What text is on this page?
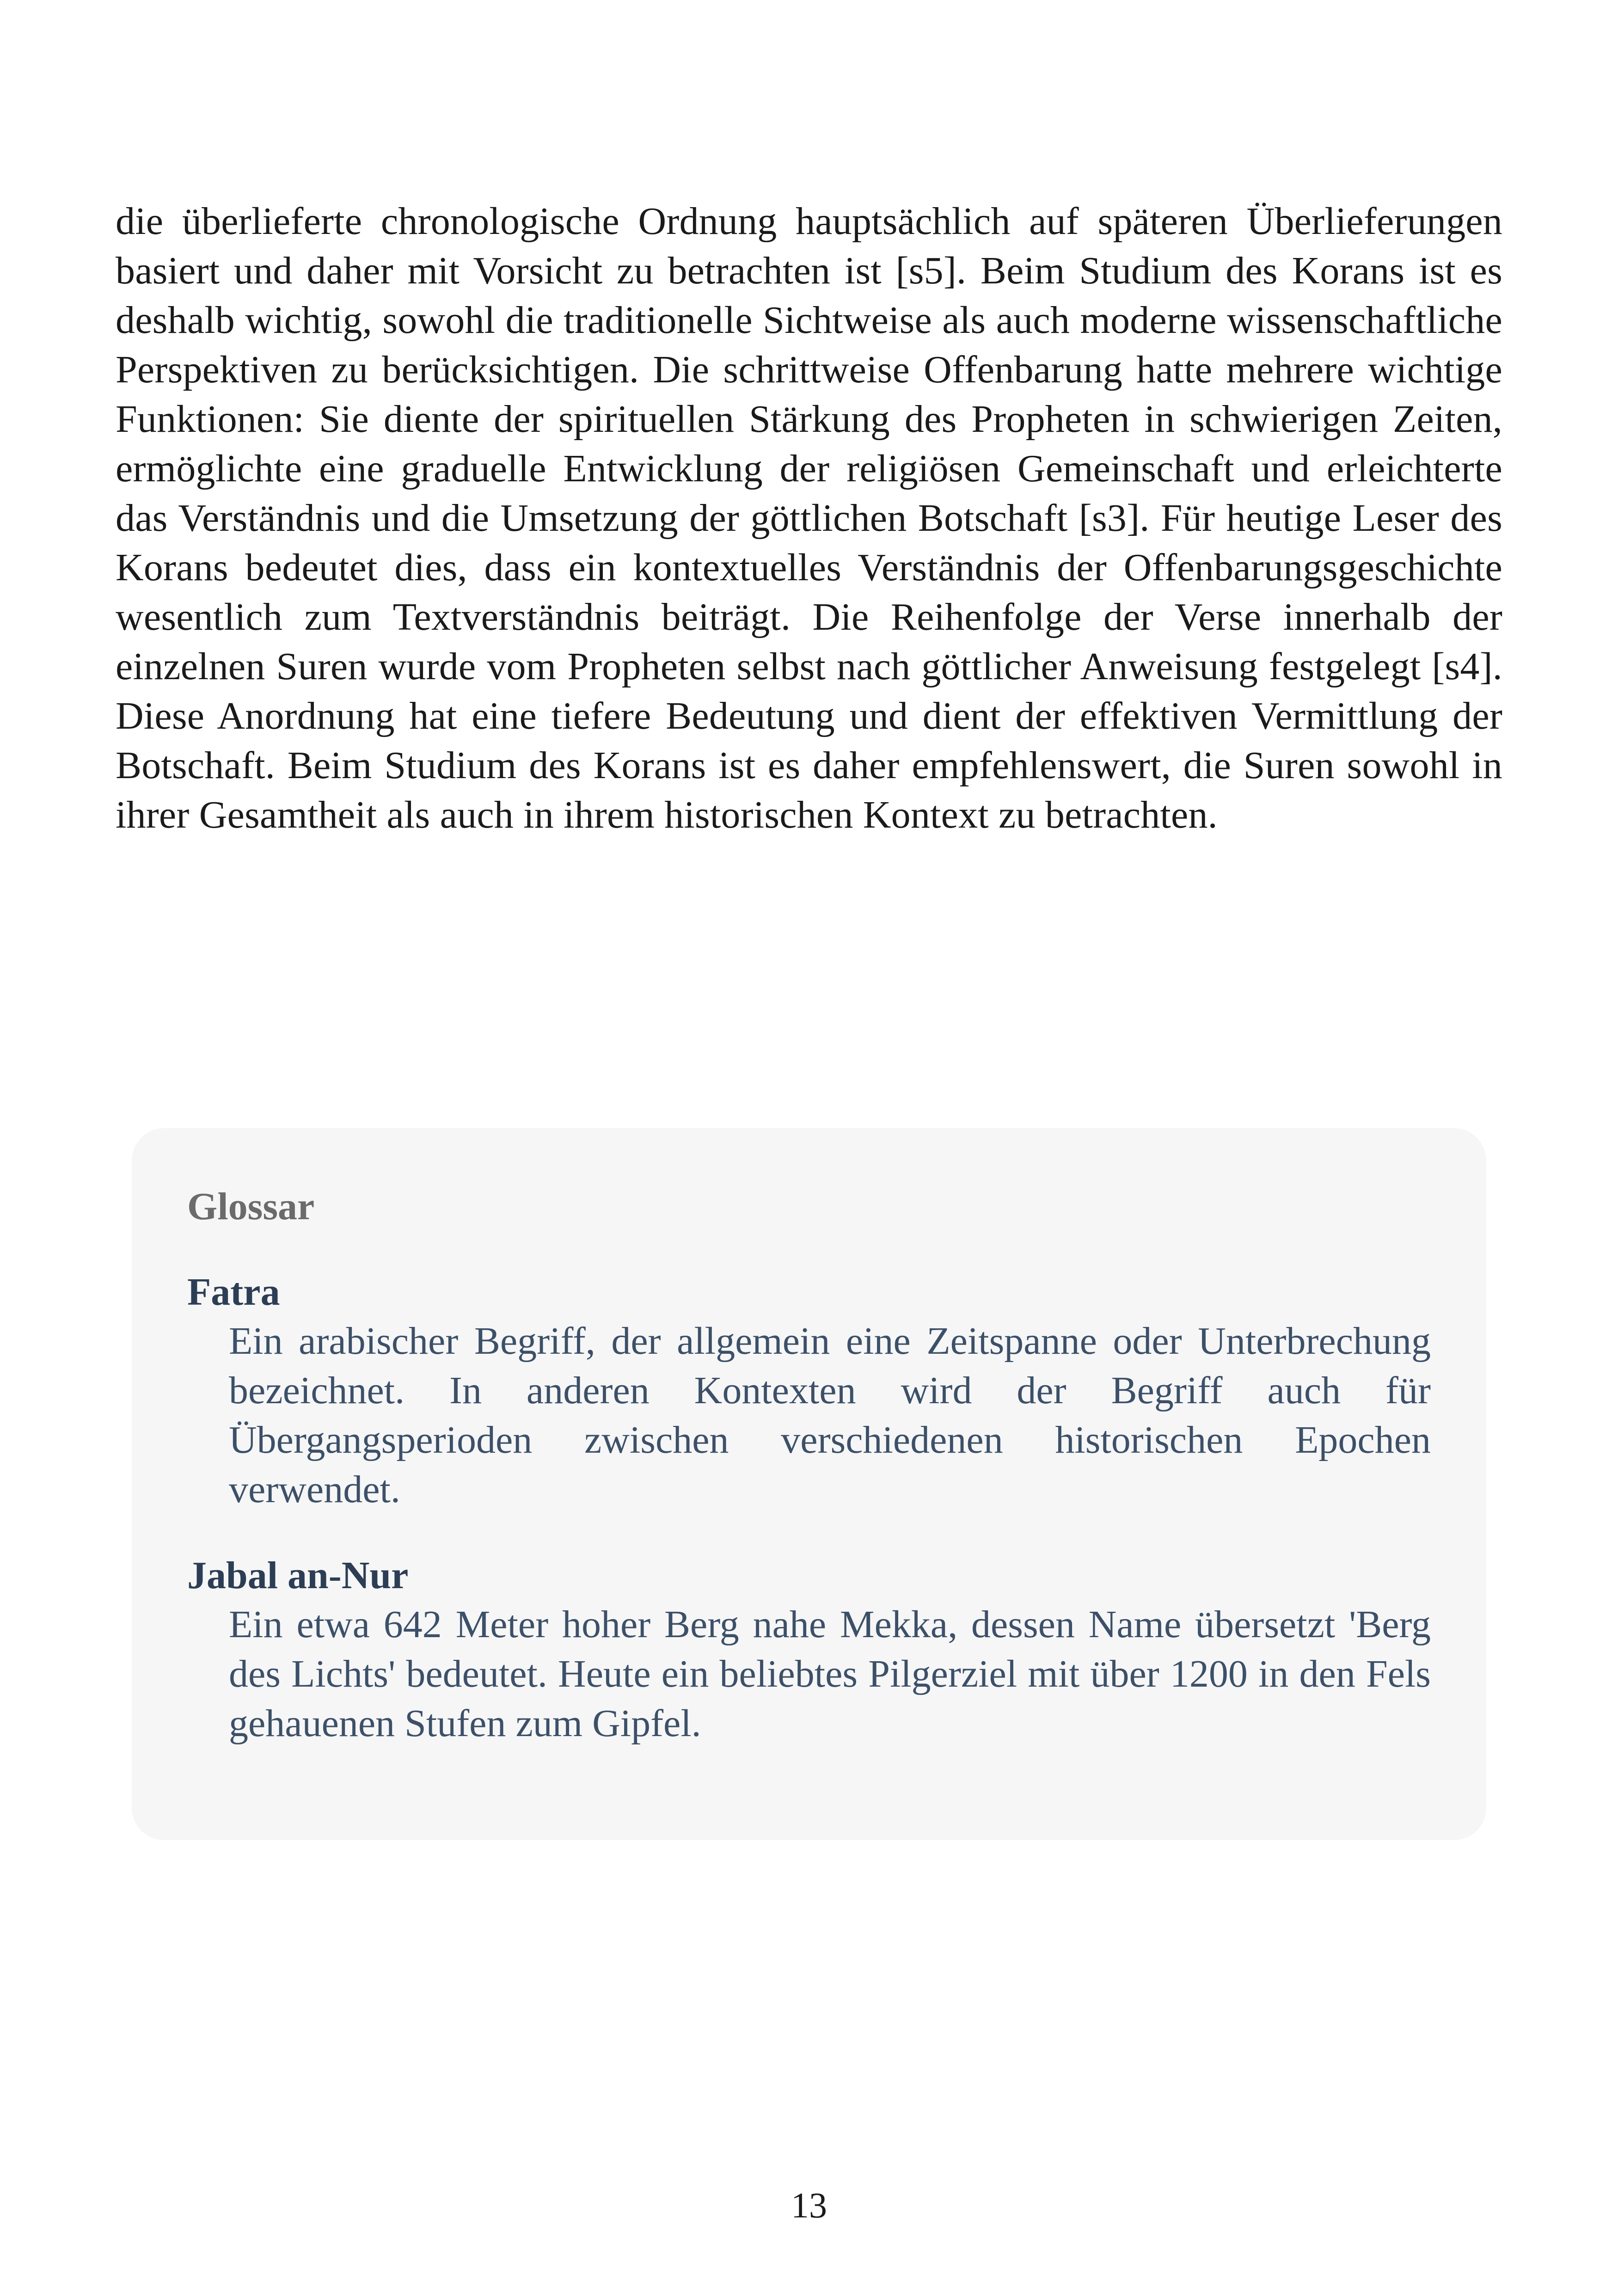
die überlieferte chronologische Ordnung hauptsächlich auf späteren Überlieferungen basiert und daher mit Vorsicht zu betrachten ist [s5]. Beim Studium des Korans ist es deshalb wichtig, sowohl die traditionelle Sichtweise als auch moderne wissenschaftliche Perspektiven zu berücksichtigen. Die schrittweise Offenbarung hatte mehrere wichtige Funktionen: Sie diente der spirituellen Stärkung des Propheten in schwierigen Zeiten, ermöglichte eine graduelle Entwicklung der religiösen Gemeinschaft und erleichterte das Verständnis und die Umsetzung der göttlichen Botschaft [s3]. Für heutige Leser des Korans bedeutet dies, dass ein kontextuelles Verständnis der Offenbarungsgeschichte wesentlich zum Textverständnis beiträgt. Die Reihenfolge der Verse innerhalb der einzelnen Suren wurde vom Propheten selbst nach göttlicher Anweisung festgelegt [s4]. Diese Anordnung hat eine tiefere Bedeutung und dient der effektiven Vermittlung der Botschaft. Beim Studium des Korans ist es daher empfehlenswert, die Suren sowohl in ihrer Gesamtheit als auch in ihrem historischen Kontext zu betrachten.

Glossar
Fatra
Ein arabischer Begriff, der allgemein eine Zeitspanne oder Unterbrechung bezeichnet. In anderen Kontexten wird der Begriff auch für Übergangsperioden zwischen verschiedenen historischen Epochen verwendet.
Jabal an-Nur
Ein etwa 642 Meter hoher Berg nahe Mekka, dessen Name übersetzt 'Berg des Lichts' bedeutet. Heute ein beliebtes Pilgerziel mit über 1200 in den Fels gehauenen Stufen zum Gipfel.
13
